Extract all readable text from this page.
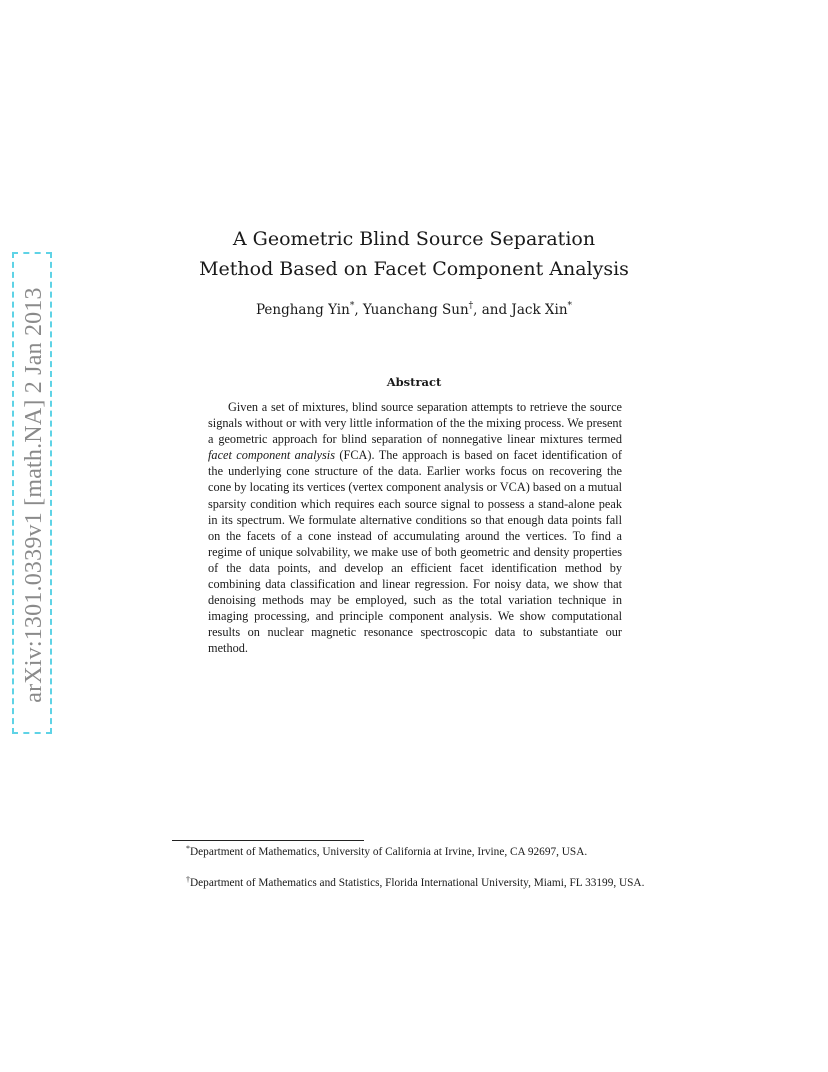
arXiv:1301.0339v1 [math.NA] 2 Jan 2013
A Geometric Blind Source Separation
Method Based on Facet Component Analysis
Penghang Yin*, Yuanchang Sun†, and Jack Xin*
Abstract

Given a set of mixtures, blind source separation attempts to retrieve the source signals without or with very little information of the the mixing process. We present a geometric approach for blind separation of nonnegative linear mixtures termed facet component analysis (FCA). The approach is based on facet identification of the underlying cone structure of the data. Earlier works focus on recovering the cone by locating its vertices (vertex component analysis or VCA) based on a mutual sparsity condition which requires each source signal to possess a stand-alone peak in its spectrum. We formulate alternative conditions so that enough data points fall on the facets of a cone instead of accumulating around the vertices. To find a regime of unique solvability, we make use of both geometric and density properties of the data points, and develop an efficient facet identification method by combining data classification and linear regression. For noisy data, we show that denoising methods may be employed, such as the total variation technique in imaging processing, and principle component analysis. We show computational results on nuclear magnetic resonance spectroscopic data to substantiate our method.

*Department of Mathematics, University of California at Irvine, Irvine, CA 92697, USA.

†Department of Mathematics and Statistics, Florida International University, Miami, FL 33199, USA.
